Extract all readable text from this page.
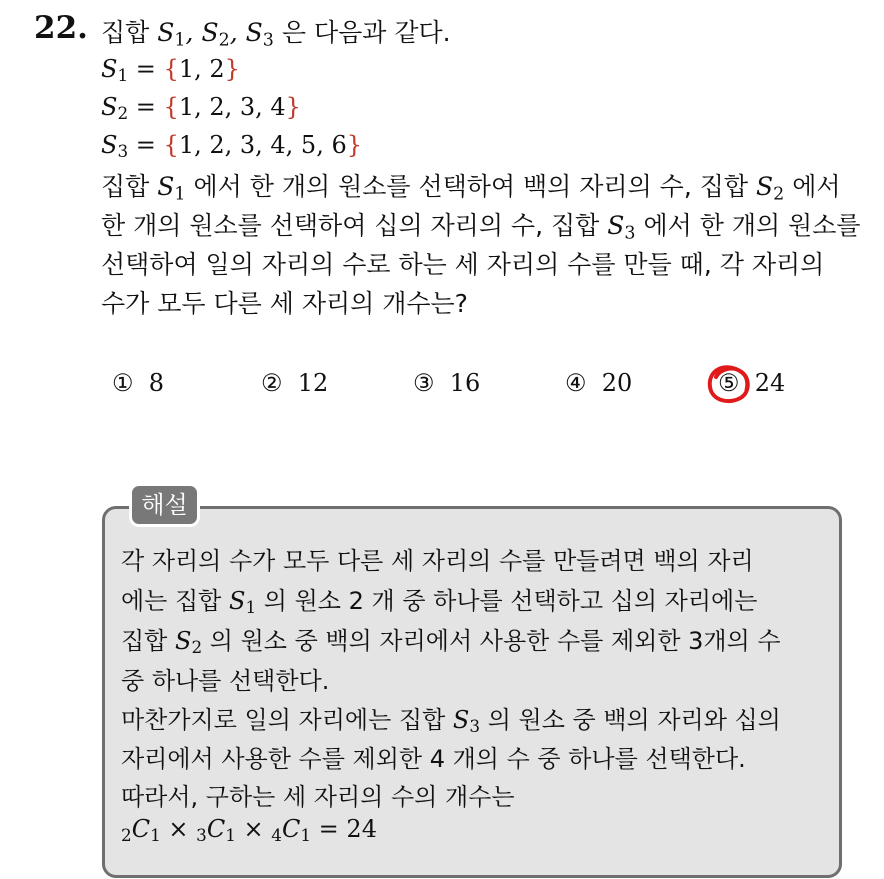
22. 집합 $S_1$, $S_2$, $S_3$ 은 다음과 같다.
$S_1 = \{1$, 2}
$S_2 = \{1$, 2, 3, 4}
$S_3 = \{1$, 2, 3, 4, 5, 6}
집합 $S_1$ 에서 한 개의 원소를 선택하여 백의 자리의 수, 집합 $S_2$ 에서
한 개의 원소를 선택하여 십의 자리의 수, 집합 $S_3$ 에서 한 개의 원소를
선택하여 일의 자리의 수로 하는 세 자리의 수를 만들 때, 각 자리의
수가 모두 다른 세 자리의 개수는?
① 8	② 12	③ 16	④ 20	⑤ 24
해설
각 자리의 수가 모두 다른 세 자리의 수를 만들려면 백의 자리
에는 집합 $S_1$ 의 원소 2 개 중 하나를 선택하고 십의 자리에는
집합 $S_2$ 의 원소 중 백의 자리에서 사용한 수를 제외한 3개의 수
중 하나를 선택한다.
마찬가지로 일의 자리에는 집합 $S_3$ 의 원소 중 백의 자리와 십의
자리에서 사용한 수를 제외한 4 개의 수 중 하나를 선택한다.
따라서, 구하는 세 자리의 수의 개수는
$_2C_1 \times _3C_1 \times _4C_1 = 24$
